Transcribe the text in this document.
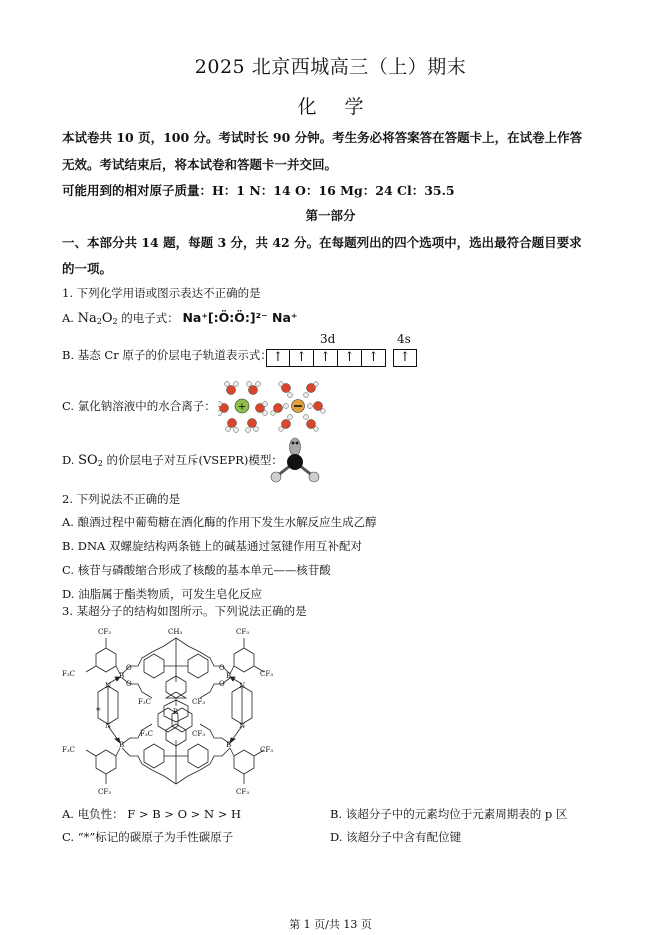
2025 北京西城高三（上）期末
化学
本试卷共 10 页，100 分。考试时长 90 分钟。考生务必将答案答在答题卡上，在试卷上作答
无效。考试结束后，将本试卷和答题卡一并交回。
可能用到的相对原子质量：H：1 N：14 O：16 Mg：24 Cl：35.5
第一部分
一、本部分共 14 题，每题 3 分，共 42 分。在每题列出的四个选项中，选出最符合题目要求
的一项。
1. 下列化学用语或图示表达不正确的是
A. $Na_2O_2$ 的电子式： Na⁺[:Ö:Ö:]²⁻ Na⁺
B. 基态 Cr 原子的价层电子轨道表示式：
3d	4s
↑ ↑	↑	↑	↑	↑
C. 氯化钠溶液中的水合离子： +
D. $SO_2$ 的价层电子对互斥(VSEPR)模型：
2. 下列说法不正确的是
A. 酿酒过程中葡萄糖在酒化酶的作用下发生水解反应生成乙醇
B. DNA 双螺旋结构两条链上的碱基通过氢键作用互补配对
C. 核苷与磷酸缩合形成了核酸的基本单元——核苷酸
D. 油脂属于酯类物质，可发生皂化反应
3. 某超分子的结构如图所示。下列说法正确的是
CF₃
F₃C
CF₃
CF₃
F₃C
CF₃
CF₃
CF₃
CH₃
B	B
B	B
B
O
O
O
O
N
N
N
N
*
F₃C	CF₃
F₃C	CF₃
A. 电负性： F > B > O > N > H	B. 该超分子中的元素均位于元素周期表的 p 区
C. “*”标记的碳原子为手性碳原子	D. 该超分子中含有配位键
第 1 页/共 13 页
